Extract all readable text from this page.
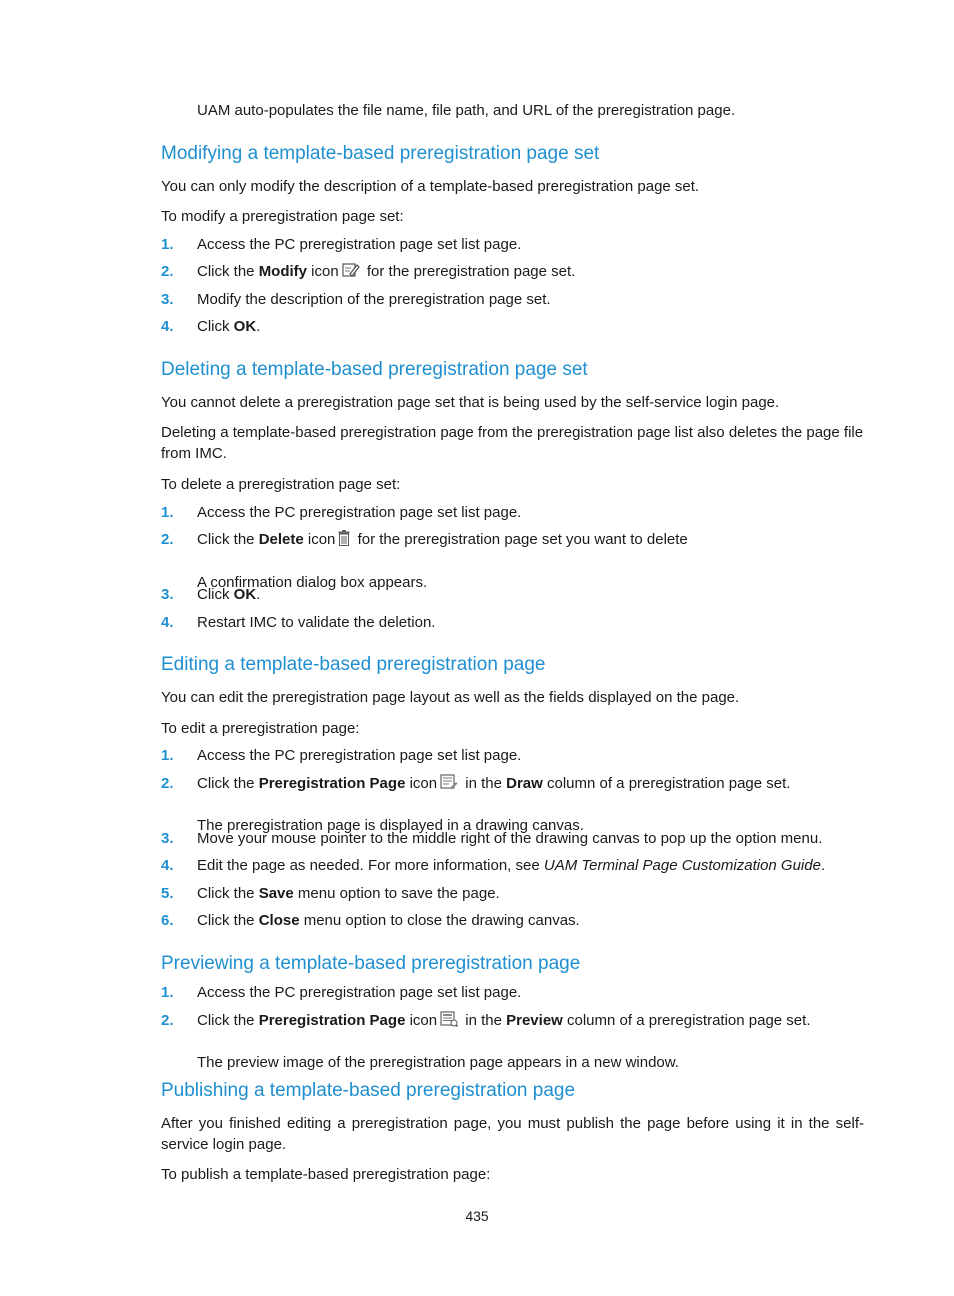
UAM auto-populates the file name, file path, and URL of the preregistration page.

Modifying a template-based preregistration page set

You can only modify the description of a template-based preregistration page set.

To modify a preregistration page set:

1. Access the PC preregistration page set list page.
2. Click the Modify icon for the preregistration page set.
3. Modify the description of the preregistration page set.
4. Click OK.
Deleting a template-based preregistration page set

You cannot delete a preregistration page set that is being used by the self-service login page.

Deleting a template-based preregistration page from the preregistration page list also deletes the page file from IMC.

To delete a preregistration page set:

1. Access the PC preregistration page set list page.
2. Click the Delete icon for the preregistration page set you want to delete

A confirmation dialog box appears.

3. Click OK.
4. Restart IMC to validate the deletion.
Editing a template-based preregistration page

You can edit the preregistration page layout as well as the fields displayed on the page.

To edit a preregistration page:

1. Access the PC preregistration page set list page.
2. Click the Preregistration Page icon in the Draw column of a preregistration page set.

The preregistration page is displayed in a drawing canvas.

3. Move your mouse pointer to the middle right of the drawing canvas to pop up the option menu.
4. Edit the page as needed. For more information, see UAM Terminal Page Customization Guide.
5. Click the Save menu option to save the page.
6. Click the Close menu option to close the drawing canvas.
Previewing a template-based preregistration page
1. Access the PC preregistration page set list page.
2. Click the Preregistration Page icon in the Preview column of a preregistration page set.

The preview image of the preregistration page appears in a new window.

Publishing a template-based preregistration page

After you finished editing a preregistration page, you must publish the page before using it in the self-service login page.

To publish a template-based preregistration page:

435
